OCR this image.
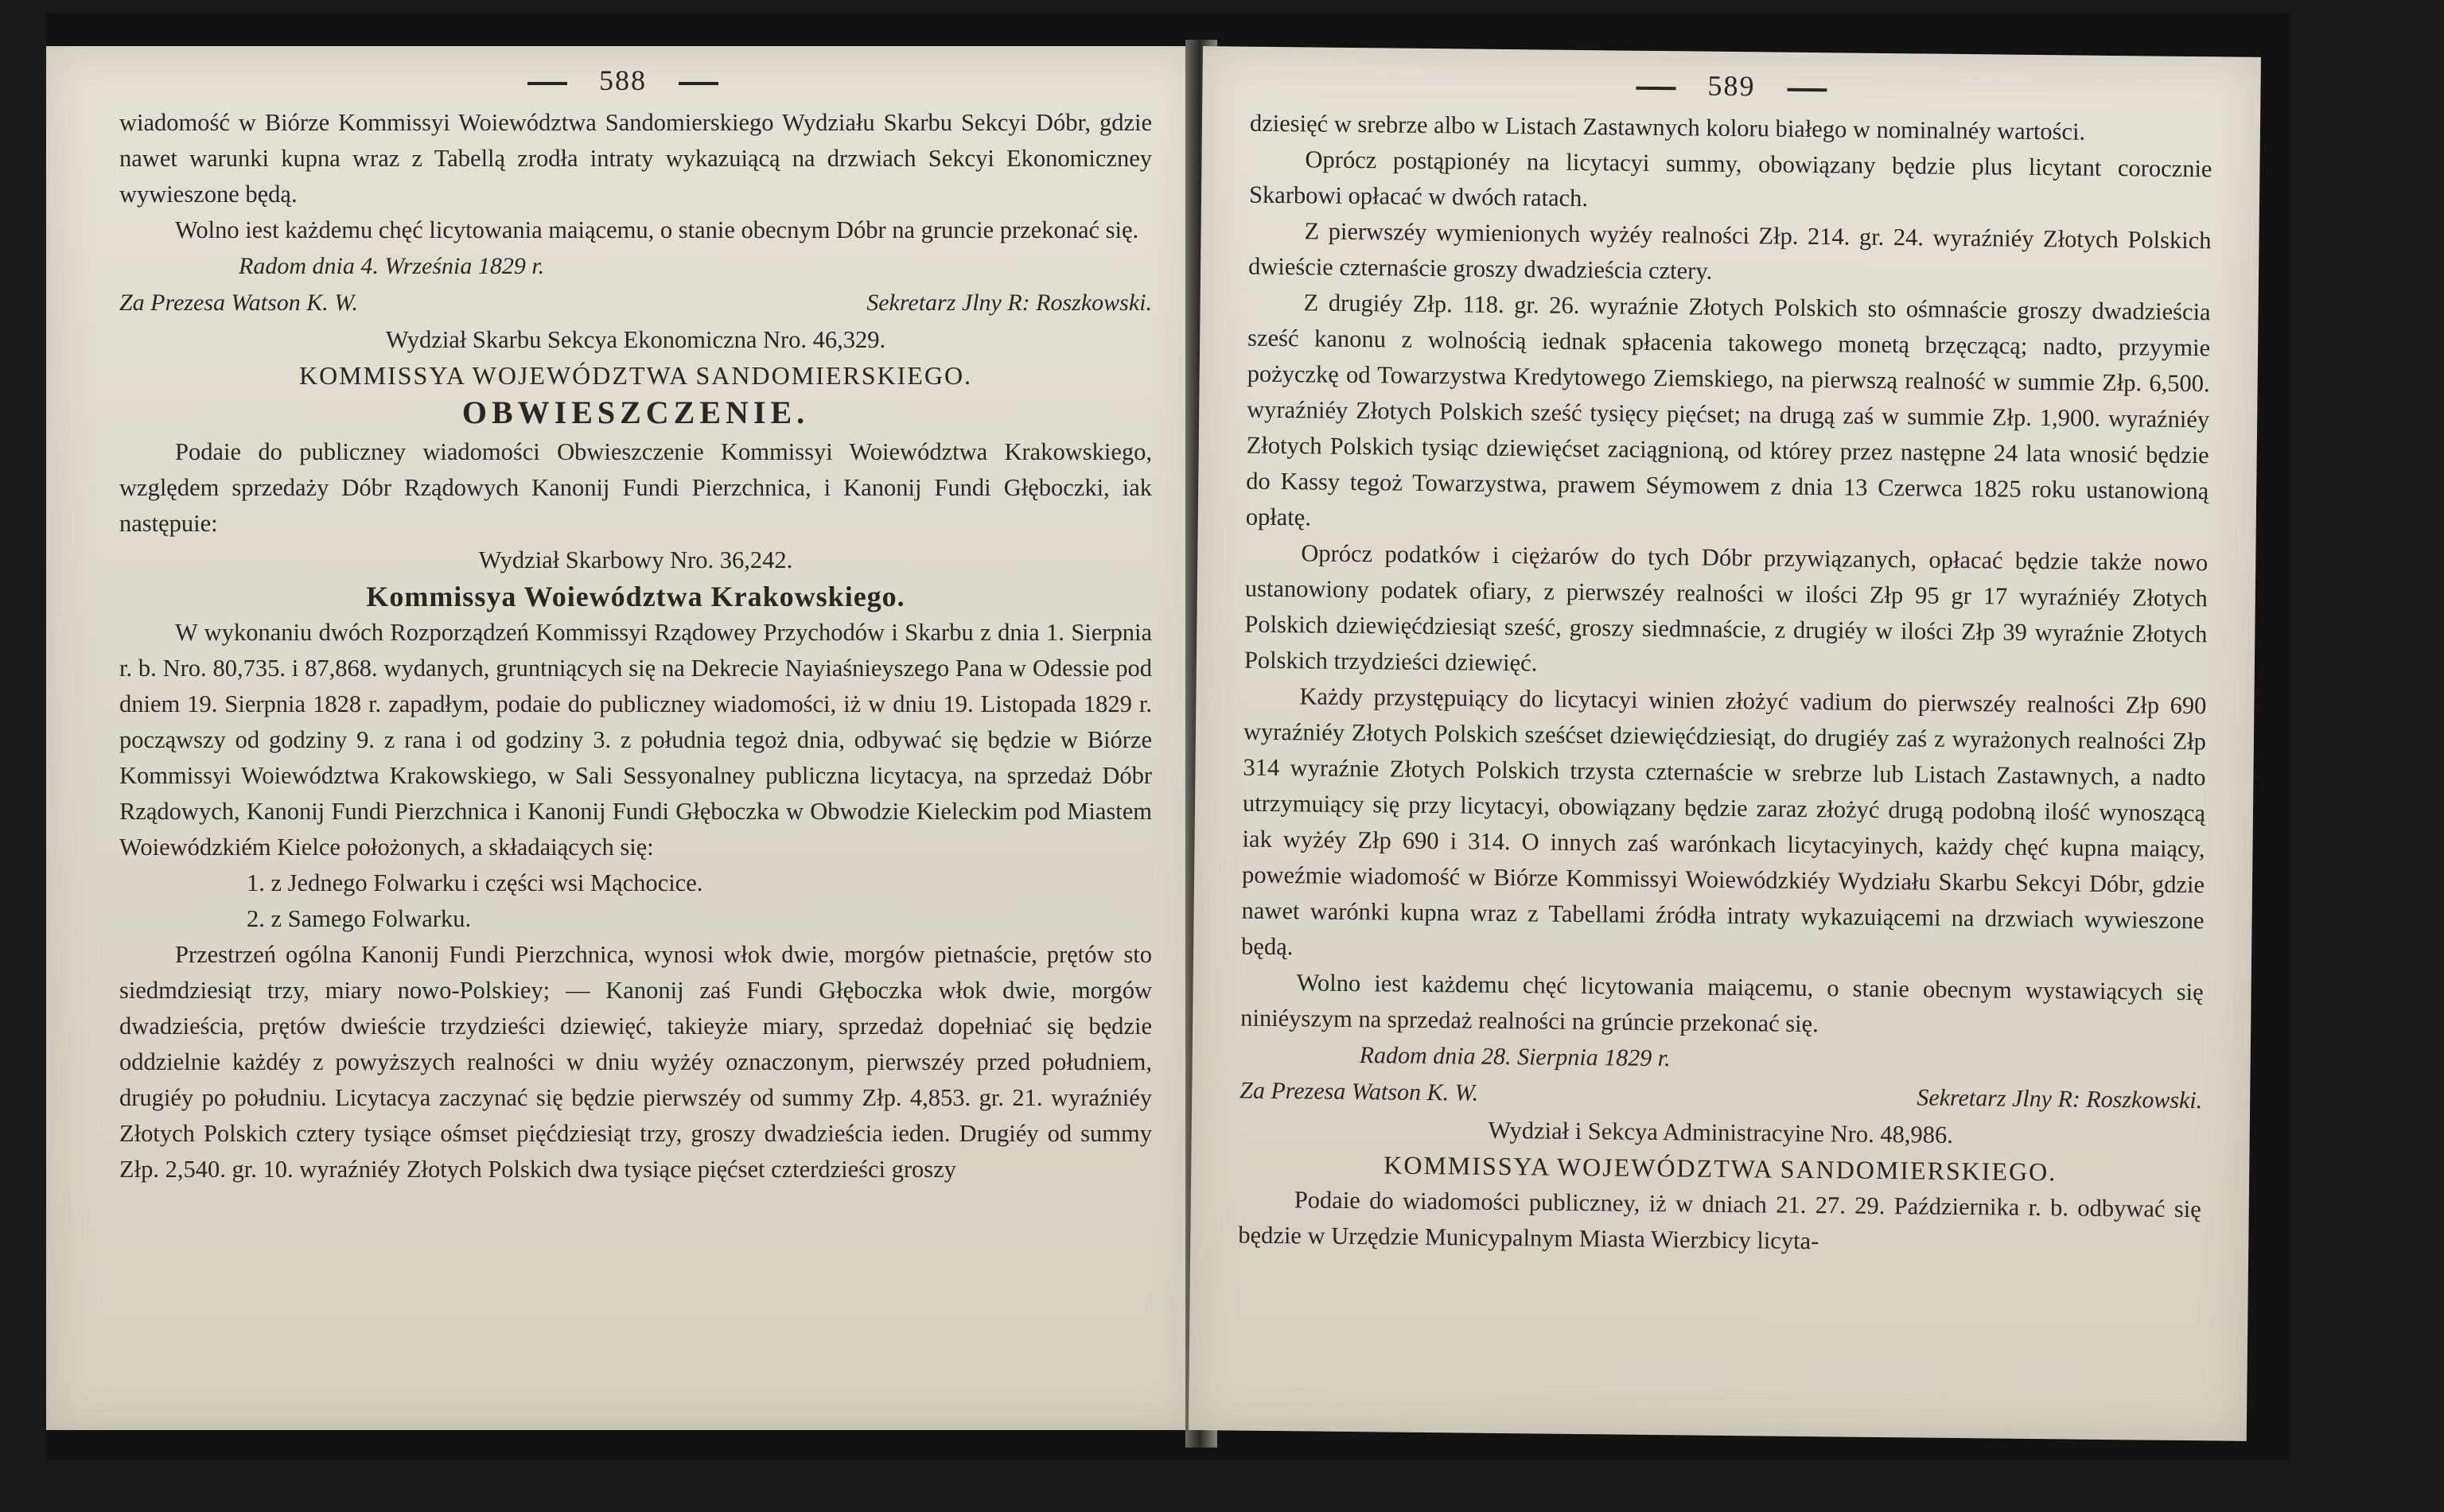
588

wiadomość w Biórze Kommissyi Woiewództwa Sandomierskiego Wydziału Skarbu Sekcyi Dóbr, gdzie nawet warunki kupna wraz z Tabellą zrodła intraty wykazuiącą na drzwiach Sekcyi Ekonomiczney wywieszone będą.

Wolno iest każdemu chęć licytowania maiącemu, o stanie obecnym Dóbr na gruncie przekonać się.

Radom dnia 4. Września 1829 r.
Za Prezesa Watson K. W.	Sekretarz Jlny R: Roszkowski.
Wydział Skarbu Sekcya Ekonomiczna Nro. 46,329.
KOMMISSYA WOJEWÓDZTWA SANDOMIERSKIEGO.
OBWIESZCZENIE.

Podaie do publiczney wiadomości Obwieszczenie Kommissyi Woiewództwa Krakowskiego, względem sprzedaży Dóbr Rządowych Kanonij Fundi Pierzchnica, i Kanonij Fundi Głęboczki, iak następuie:

Wydział Skarbowy Nro. 36,242.
Kommissya Woiewództwa Krakowskiego.

W wykonaniu dwóch Rozporządzeń Kommissyi Rządowey Przychodów i Skarbu z dnia 1. Sierpnia r. b. Nro. 80,735. i 87,868. wydanych, gruntniących się na Dekrecie Nayiaśnieyszego Pana w Odessie pod dniem 19. Sierpnia 1828 r. zapadłym, podaie do publiczney wiadomości, iż w dniu 19. Listopada 1829 r. począwszy od godziny 9. z rana i od godziny 3. z południa tegoż dnia, odbywać się będzie w Biórze Kommissyi Woiewództwa Krakowskiego, w Sali Sessyonalney publiczna licytacya, na sprzedaż Dóbr Rządowych, Kanonij Fundi Pierzchnica i Kanonij Fundi Głęboczka w Obwodzie Kieleckim pod Miastem Woiewódzkiém Kielce położonych, a składaiących się:

1. z Jednego Folwarku i części wsi Mąchocice.
2. z Samego Folwarku.

Przestrzeń ogólna Kanonij Fundi Pierzchnica, wynosi włok dwie, morgów pietnaście, prętów sto siedmdziesiąt trzy, miary nowo-Polskiey; — Kanonij zaś Fundi Głęboczka włok dwie, morgów dwadzieścia, prętów dwieście trzydzieści dziewięć, takieyże miary, sprzedaż dopełniać się będzie oddzielnie każdéy z powyższych realności w dniu wyżéy oznaczonym, pierwszéy przed południem, drugiéy po południu. Licytacya zaczynać się będzie pierwszéy od summy Złp. 4,853. gr. 21. wyraźniéy Złotych Polskich cztery tysiące ośmset pięćdziesiąt trzy, groszy dwadzieścia ieden. Drugiéy od summy Złp. 2,540. gr. 10. wyraźniéy Złotych Polskich dwa tysiące pięćset czterdzieści groszy

589

dziesięć w srebrze albo w Listach Zastawnych koloru białego w nominalnéy wartości.

Oprócz postąpionéy na licytacyi summy, obowiązany będzie plus licytant corocznie Skarbowi opłacać w dwóch ratach.

Z pierwszéy wymienionych wyżéy realności Złp. 214. gr. 24. wyraźniéy Złotych Polskich dwieście czternaście groszy dwadzieścia cztery.

Z drugiéy Złp. 118. gr. 26. wyraźnie Złotych Polskich sto ośmnaście groszy dwadzieścia sześć kanonu z wolnością iednak spłacenia takowego monetą brzęczącą; nadto, przyymie pożyczkę od Towarzystwa Kredytowego Ziemskiego, na pierwszą realność w summie Złp. 6,500. wyraźniéy Złotych Polskich sześć tysięcy pięćset; na drugą zaś w summie Złp. 1,900. wyraźniéy Złotych Polskich tysiąc dziewięćset zaciągnioną, od którey przez następne 24 lata wnosić będzie do Kassy tegoż Towarzystwa, prawem Séymowem z dnia 13 Czerwca 1825 roku ustanowioną opłatę.

Oprócz podatków i ciężarów do tych Dóbr przywiązanych, opłacać będzie także nowo ustanowiony podatek ofiary, z pierwszéy realności w ilości Złp 95 gr 17 wyraźniéy Złotych Polskich dziewięćdziesiąt sześć, groszy siedmnaście, z drugiéy w ilości Złp 39 wyraźnie Złotych Polskich trzydzieści dziewięć.

Każdy przystępuiący do licytacyi winien złożyć vadium do pierwszéy realności Złp 690 wyraźniéy Złotych Polskich sześćset dziewięćdziesiąt, do drugiéy zaś z wyrażonych realności Złp 314 wyraźnie Złotych Polskich trzysta czternaście w srebrze lub Listach Zastawnych, a nadto utrzymuiący się przy licytacyi, obowiązany będzie zaraz złożyć drugą podobną ilość wynoszącą iak wyżéy Złp 690 i 314. O innych zaś warónkach licytacyinych, każdy chęć kupna maiący, poweźmie wiadomość w Biórze Kommissyi Woiewódzkiéy Wydziału Skarbu Sekcyi Dóbr, gdzie nawet warónki kupna wraz z Tabellami źródła intraty wykazuiącemi na drzwiach wywieszone będą.

Wolno iest każdemu chęć licytowania maiącemu, o stanie obecnym wystawiących się niniéyszym na sprzedaż realności na grúncie przekonać się.

Radom dnia 28. Sierpnia 1829 r.
Za Prezesa Watson K. W.	Sekretarz Jlny R: Roszkowski.
Wydział i Sekcya Administracyine Nro. 48,986.
KOMMISSYA WOJEWÓDZTWA SANDOMIERSKIEGO.

Podaie do wiadomości publiczney, iż w dniach 21. 27. 29. Października r. b. odbywać się będzie w Urzędzie Municypalnym Miasta Wierzbicy licyta-
